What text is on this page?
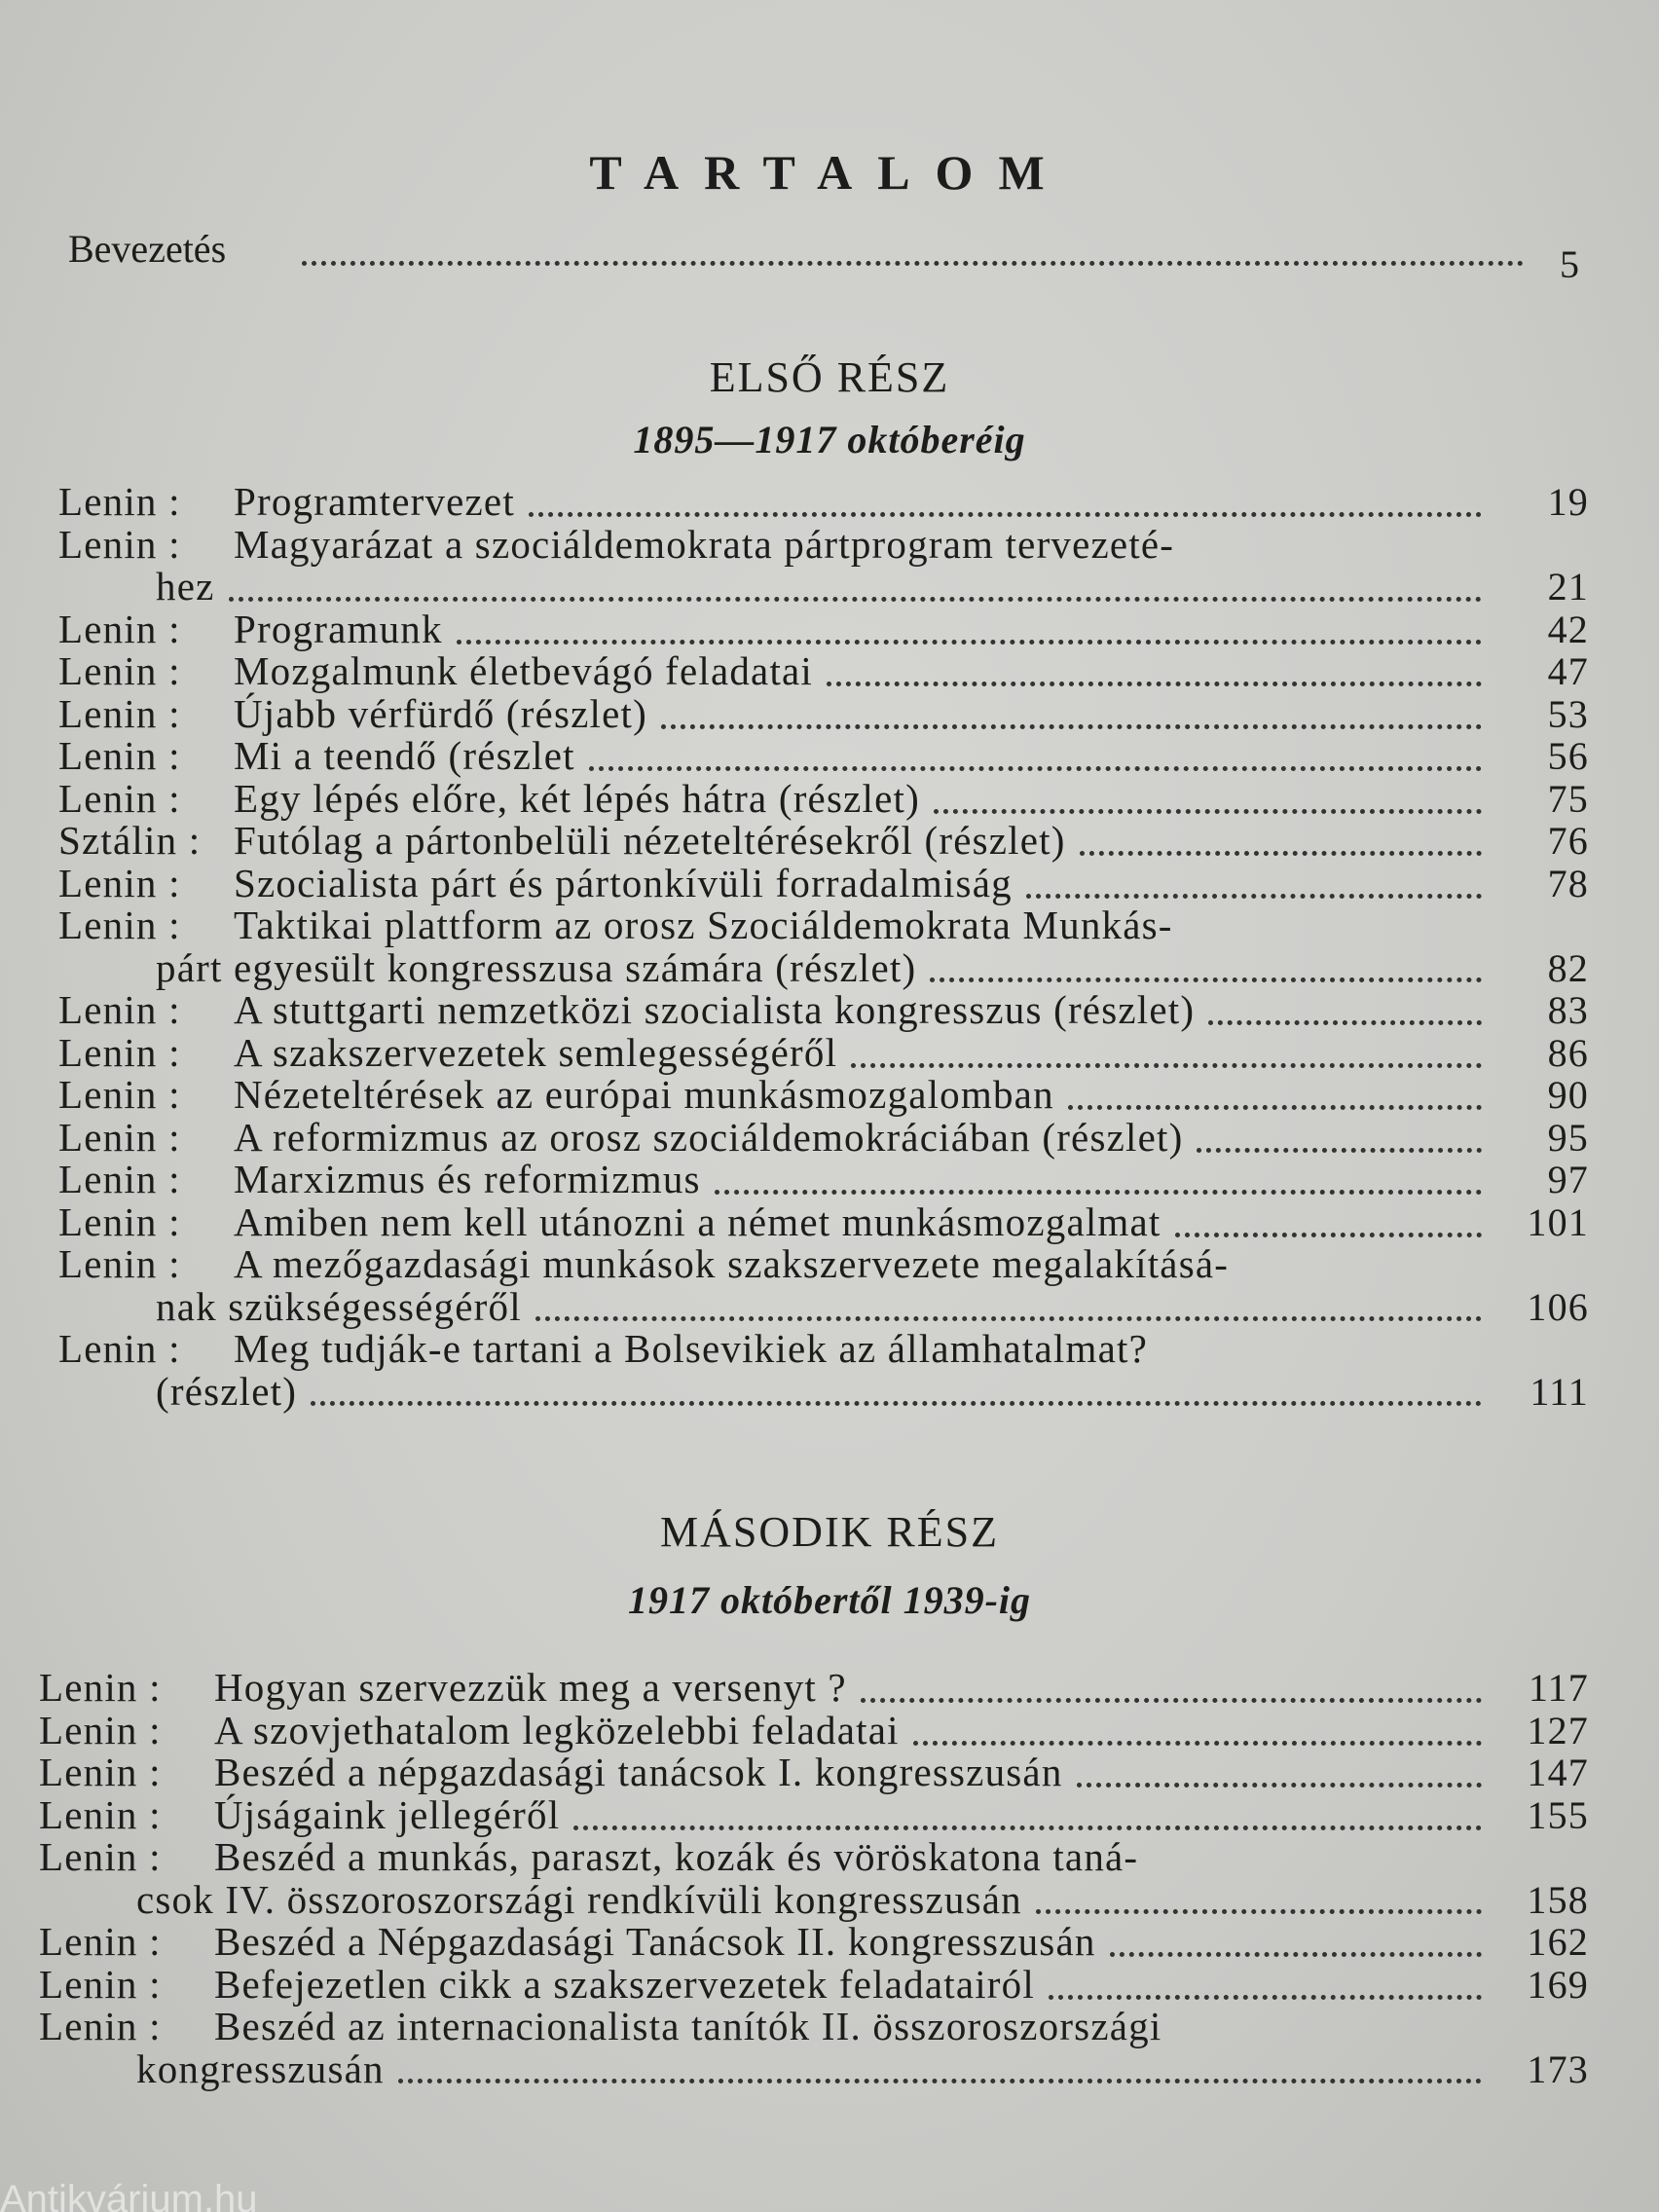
TARTALOM
Bevezetés	5
ELSŐ RÉSZ
1895—1917 októberéig
Lenin : Programtervezet	19
Lenin : Magyarázat a szociáldemokrata pártprogram tervezeté-
hez	21
Lenin : Programunk	42
Lenin : Mozgalmunk életbevágó feladatai	47
Lenin : Újabb vérfürdő (részlet)	53
Lenin : Mi a teendő (részlet	56
Lenin : Egy lépés előre, két lépés hátra (részlet)	75
Sztálin : Futólag a pártonbelüli nézeteltérésekről (részlet)	76
Lenin : Szocialista párt és pártonkívüli forradalmiság	78
Lenin : Taktikai plattform az orosz Szociáldemokrata Munkás-
párt egyesült kongresszusa számára (részlet)	82
Lenin : A stuttgarti nemzetközi szocialista kongresszus (részlet)	83
Lenin : A szakszervezetek semlegességéről	86
Lenin : Nézeteltérések az európai munkásmozgalomban	90
Lenin : A reformizmus az orosz szociáldemokráciában (részlet)	95
Lenin : Marxizmus és reformizmus	97
Lenin : Amiben nem kell utánozni a német munkásmozgalmat	101
Lenin : A mezőgazdasági munkások szakszervezete megalakításá-
nak szükségességéről	106
Lenin : Meg tudják-e tartani a Bolsevikiek az államhatalmat?
(részlet)	111
MÁSODIK RÉSZ
1917 októbertől 1939-ig
Lenin : Hogyan szervezzük meg a versenyt ?	117
Lenin : A szovjethatalom legközelebbi feladatai	127
Lenin : Beszéd a népgazdasági tanácsok I. kongresszusán	147
Lenin : Újságaink jellegéről	155
Lenin : Beszéd a munkás, paraszt, kozák és vöröskatona taná-
csok IV. összoroszországi rendkívüli kongresszusán	158
Lenin : Beszéd a Népgazdasági Tanácsok II. kongresszusán	162
Lenin : Befejezetlen cikk a szakszervezetek feladatairól	169
Lenin : Beszéd az internacionalista tanítók II. összoroszországi
kongresszusán	173
Antikvárium.hu
